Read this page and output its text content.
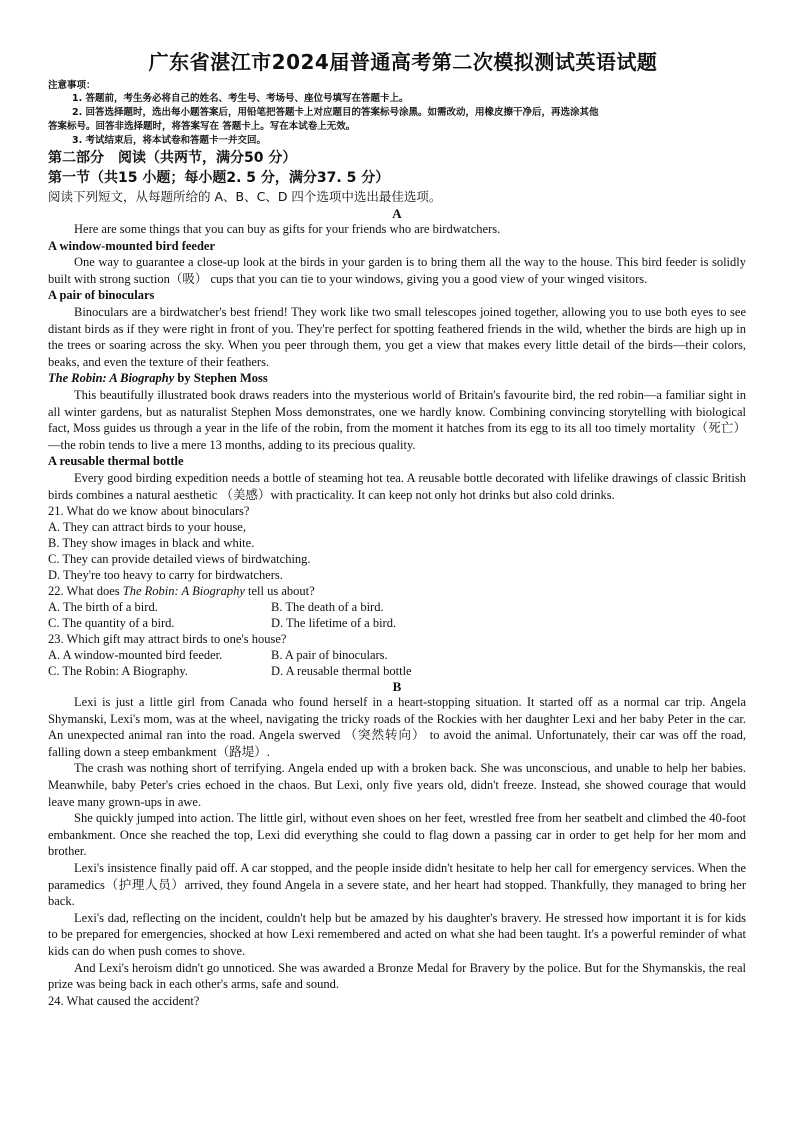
广东省湛江市2024届普通高考第二次模拟测试英语试题
注意事项：
1. 答题前，考生务必将自己的姓名、考生号、考场号、座位号填写在答题卡上。
2. 回答选择题时，选出每小题答案后，用铅笔把答题卡上对应题目的答案标号涂黑。如需改动，用橡皮擦干净后，再选涂其他
答案标号。回答非选择题时，将答案写在 答题卡上。写在本试卷上无效。
3. 考试结束后，将本试卷和答题卡一并交回。
第二部分　阅读（共两节，满分50 分）
第一节（共15 小题；每小题2. 5 分，满分37. 5 分）
阅读下列短文，从每题所给的 A、B、C、D 四个选项中选出最佳选项。
A

Here are some things that you can buy as gifts for your friends who are birdwatchers.

A window-mounted bird feeder

One way to guarantee a close-up look at the birds in your garden is to bring them all the way to the house. This bird feeder is solidly built with strong suction（吸） cups that you can tie to your windows, giving you a good view of your winged visitors.

A pair of binoculars

Binoculars are a birdwatcher's best friend! They work like two small telescopes joined together, allowing you to use both eyes to see distant birds as if they were right in front of you. They're perfect for spotting feathered friends in the wild, whether the birds are high up in the trees or soaring across the sky. When you peer through them, you get a view that makes every little detail of the birds—their colors, beaks, and even the texture of their feathers.

The Robin: A Biography by Stephen Moss

This beautifully illustrated book draws readers into the mysterious world of Britain's favourite bird, the red robin—a familiar sight in all winter gardens, but as naturalist Stephen Moss demonstrates, one we hardly know. Combining convincing storytelling with biological fact, Moss guides us through a year in the life of the robin, from the moment it hatches from its egg to its all too timely mortality（死亡）—the robin tends to live a mere 13 months, adding to its precious quality.

A reusable thermal bottle

Every good birding expedition needs a bottle of steaming hot tea. A reusable bottle decorated with lifelike drawings of classic British birds combines a natural aesthetic （美感）with practicality. It can keep not only hot drinks but also cold drinks.

21. What do we know about binoculars?
A. They can attract birds to your house,
B. They show images in black and white.
C. They can provide detailed views of birdwatching.
D. They're too heavy to carry for birdwatchers.
22. What does The Robin: A Biography tell us about?
A. The birth of a bird.	B. The death of a bird.
C. The quantity of a bird.	D. The lifetime of a bird.
23. Which gift may attract birds to one's house?
A. A window-mounted bird feeder.	B. A pair of binoculars.
C. The Robin: A Biography.	D. A reusable thermal bottle
B

Lexi is just a little girl from Canada who found herself in a heart-stopping situation. It started off as a normal car trip. Angela Shymanski, Lexi's mom, was at the wheel, navigating the tricky roads of the Rockies with her daughter Lexi and her baby Peter in the car. An unexpected animal ran into the road. Angela swerved （突然转向） to avoid the animal. Unfortunately, their car was off the road, falling down a steep embankment（路堤）.

The crash was nothing short of terrifying. Angela ended up with a broken back. She was unconscious, and unable to help her babies. Meanwhile, baby Peter's cries echoed in the chaos. But Lexi, only five years old, didn't freeze. Instead, she showed courage that would leave many grown-ups in awe.

She quickly jumped into action. The little girl, without even shoes on her feet, wrestled free from her seatbelt and climbed the 40-foot embankment. Once she reached the top, Lexi did everything she could to flag down a passing car in order to get help for her mom and brother.

Lexi's insistence finally paid off. A car stopped, and the people inside didn't hesitate to help her call for emergency services. When the paramedics（护理人员）arrived, they found Angela in a severe state, and her heart had stopped. Thankfully, they managed to bring her back.

Lexi's dad, reflecting on the incident, couldn't help but be amazed by his daughter's bravery. He stressed how important it is for kids to be prepared for emergencies, shocked at how Lexi remembered and acted on what she had been taught. It's a powerful reminder of what kids can do when push comes to shove.

And Lexi's heroism didn't go unnoticed. She was awarded a Bronze Medal for Bravery by the police. But for the Shymanskis, the real prize was being back in each other's arms, safe and sound.

24. What caused the accident?
